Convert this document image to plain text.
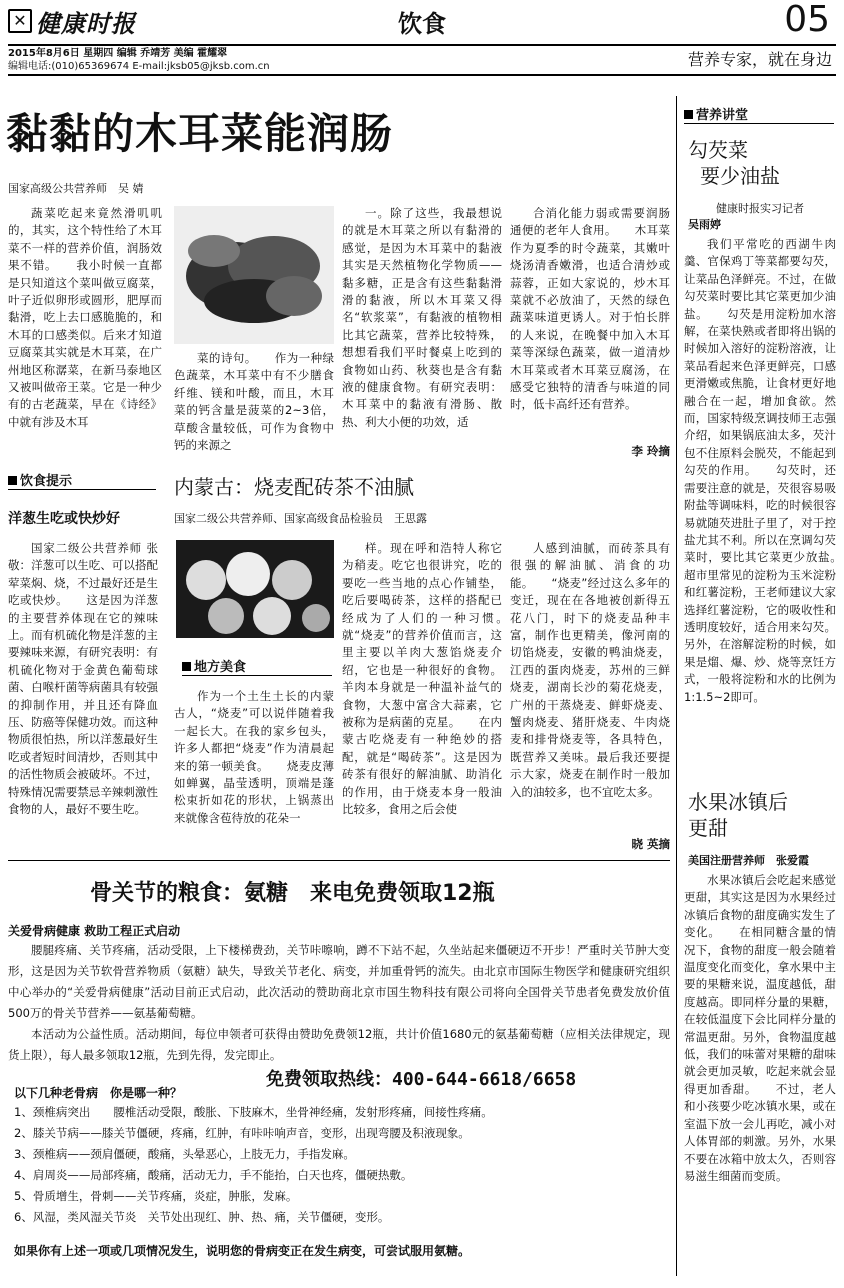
✕ 健康时报	饮食	05
2015年8月6日 星期四 编辑 乔靖芳 美编 霍耀翠
编辑电话:(010)65369674 E-mail:jksb05@jksb.com.cn	营养专家，就在身边
黏黏的木耳菜能润肠
国家高级公共营养师　吴 婧
蔬菜吃起来竟然滑叽叽的，其实，这个特性给了木耳菜不一样的营养价值，润肠效果不错。　　我小时候一直都是只知道这个菜叫做豆腐菜，叶子近似卵形或圆形，肥厚而黏滑，吃上去口感脆脆的，和木耳的口感类似。后来才知道豆腐菜其实就是木耳菜，在广州地区称潺菜，在新马泰地区又被叫做帝王菜。它是一种少有的古老蔬菜，早在《诗经》中就有涉及木耳
菜的诗句。　　作为一种绿色蔬菜，木耳菜中有不少膳食纤维、镁和叶酸，而且，木耳菜的钙含量是菠菜的2~3倍，草酸含量较低，可作为食物中钙的来源之
一。除了这些，我最想说的就是木耳菜之所以有黏滑的感觉，是因为木耳菜中的黏液其实是天然植物化学物质——黏多糖，正是含有这些黏黏滑滑的黏液，所以木耳菜又得名“软浆菜”，有黏液的植物相比其它蔬菜，营养比较特殊，想想看我们平时餐桌上吃到的食物如山药、秋葵也是含有黏液的健康食物。有研究表明：木耳菜中的黏液有滑肠、散热、利大小便的功效，适
合消化能力弱或需要润肠通便的老年人食用。　　木耳菜作为夏季的时令蔬菜，其嫩叶烧汤清香嫩滑，也适合清炒或蒜蓉，正如大家说的，炒木耳菜就不必放油了，天然的绿色蔬菜味道更诱人。对于怕长胖的人来说，在晚餐中加入木耳菜等深绿色蔬菜，做一道清炒木耳菜或者木耳菜豆腐汤，在感受它独特的清香与味道的同时，低卡高纤还有营养。
李 玲摘
饮食提示
洋葱生吃或快炒好
国家二级公共营养师 张敬：洋葱可以生吃、可以搭配荤菜焖、烧，不过最好还是生吃或快炒。　　这是因为洋葱的主要营养体现在它的辣味上。而有机硫化物是洋葱的主要辣味来源，有研究表明：有机硫化物对于金黄色葡萄球菌、白喉杆菌等病菌具有较强的抑制作用，并且还有降血压、防癌等保健功效。而这种物质很怕热，所以洋葱最好生吃或者短时间清炒，否则其中的活性物质会被破坏。不过，特殊情况需要禁忌辛辣刺激性食物的人，最好不要生吃。
内蒙古：烧麦配砖茶不油腻
国家二级公共营养师、国家高级食品检验员　王思露
地方美食
作为一个土生土长的内蒙古人，“烧麦”可以说伴随着我一起长大。在我的家乡包头，许多人都把“烧麦”作为清晨起来的第一顿美食。　　烧麦皮薄如蝉翼，晶莹透明，顶端是蓬松束折如花的形状，上锅蒸出来就像含苞待放的花朵一
样。现在呼和浩特人称它为稍麦。吃它也很讲究，吃的要吃一些当地的点心作铺垫，吃后要喝砖茶，这样的搭配已经成为了人们的一种习惯。　　就“烧麦”的营养价值而言，这里主要以羊肉大葱馅烧麦介绍，它也是一种很好的食物。羊肉本身就是一种温补益气的食物，大葱中富含大蒜素，它被称为是病菌的克星。　　在内蒙古吃烧麦有一种绝妙的搭配，就是“喝砖茶”。这是因为砖茶有很好的解油腻、助消化的作用，由于烧麦本身一般油比较多，食用之后会使
人感到油腻，而砖茶具有很强的解油腻、消食的功能。　　“烧麦”经过这么多年的变迁，现在在各地被创新得五花八门，时下的烧麦品种丰富，制作也更精美，像河南的切馅烧麦，安徽的鸭油烧麦，江西的蛋肉烧麦，苏州的三鲜烧麦，湖南长沙的菊花烧麦，广州的干蒸烧麦、鲜虾烧麦、蟹肉烧麦、猪肝烧麦、牛肉烧麦和排骨烧麦等，各具特色，既营养又美味。最后我还要提示大家，烧麦在制作时一般加入的油较多，也不宜吃太多。
晓 英摘
营养讲堂
勾芡菜
要少油盐
健康时报实习记者
吴雨婷
我们平常吃的西湖牛肉羹、官保鸡丁等菜都要勾芡，让菜品色泽鲜亮。不过，在做勾芡菜时要比其它菜更加少油盐。　　勾芡是用淀粉加水溶解，在菜快熟或者即将出锅的时候加入溶好的淀粉溶液，让菜品看起来色泽更鲜亮，口感更滑嫩或焦脆，让食材更好地融合在一起，增加食欲。然而，国家特级烹调技师王志强介绍，如果锅底油太多，芡汁包不住原料会脱芡，不能起到勾芡的作用。　　勾芡时，还需要注意的就是，芡很容易吸附盐等调味料，吃的时候很容易就随芡进肚子里了，对于控盐尤其不利。所以在烹调勾芡菜时，要比其它菜更少放盐。　　超市里常见的淀粉为玉米淀粉和红薯淀粉，王老师建议大家选择红薯淀粉，它的吸收性和透明度较好，适合用来勾芡。另外，在溶解淀粉的时候，如果是熘、爆、炒、烧等烹饪方式，一般将淀粉和水的比例为1:1.5~2即可。
水果冰镇后
更甜
美国注册营养师　张爱霞
水果冰镇后会吃起来感觉更甜，其实这是因为水果经过冰镇后食物的甜度确实发生了变化。　　在相同糖含量的情况下，食物的甜度一般会随着温度变化而变化，拿水果中主要的果糖来说，温度越低，甜度越高。即同样分量的果糖，在较低温度下会比同样分量的常温更甜。另外，食物温度越低，我们的味蕾对果糖的甜味就会更加灵敏，吃起来就会显得更加香甜。　　不过，老人和小孩要少吃冰镇水果，或在室温下放一会儿再吃，减小对人体胃部的刺激。另外，水果不要在冰箱中放太久，否则容易滋生细菌而变质。
骨关节的粮食：氨糖　来电免费领取12瓶
关爱骨病健康 救助工程正式启动
腰腿疼痛、关节疼痛，活动受限，上下楼梯费劲，关节咔嚓响，蹲不下站不起，久坐站起来僵硬迈不开步！严重时关节肿大变形，这是因为关节软骨营养物质（氨糖）缺失，导致关节老化、病变，并加重骨钙的流失。由北京市国际生物医学和健康研究组织中心举办的“关爱骨病健康”活动目前正式启动，此次活动的赞助商北京市国生物科技有限公司将向全国骨关节患者免费发放价值500万的骨关节营养——氨基葡萄糖。
本活动为公益性质。活动期间，每位申领者可获得由赞助免费领12瓶，共计价值1680元的氨基葡萄糖（应相关法律规定，现货上限），每人最多领取12瓶，先到先得，发完即止。
免费领取热线：400-644-6618/6658
以下几种老骨病　你是哪一种？
1、颈椎病突出　　腰椎活动受限，酸胀、下肢麻木，坐骨神经痛，发射形疼痛，间接性疼痛。
2、膝关节病——膝关节僵硬，疼痛，红肿，有咔咔响声音，变形，出现弯腰及积液现象。
3、颈椎病——颈肩僵硬，酸痛，头晕恶心，上肢无力，手指发麻。
4、肩周炎——局部疼痛，酸痛，活动无力，手不能抬，白天也疼，僵硬热敷。
5、骨质增生，骨刺——关节疼痛，炎症，肿胀，发麻。
6、风湿，类风湿关节炎　关节处出现红、肿、热、痛，关节僵硬，变形。
如果你有上述一项或几项情况发生，说明您的骨病变正在发生病变，可尝试服用氨糖。
